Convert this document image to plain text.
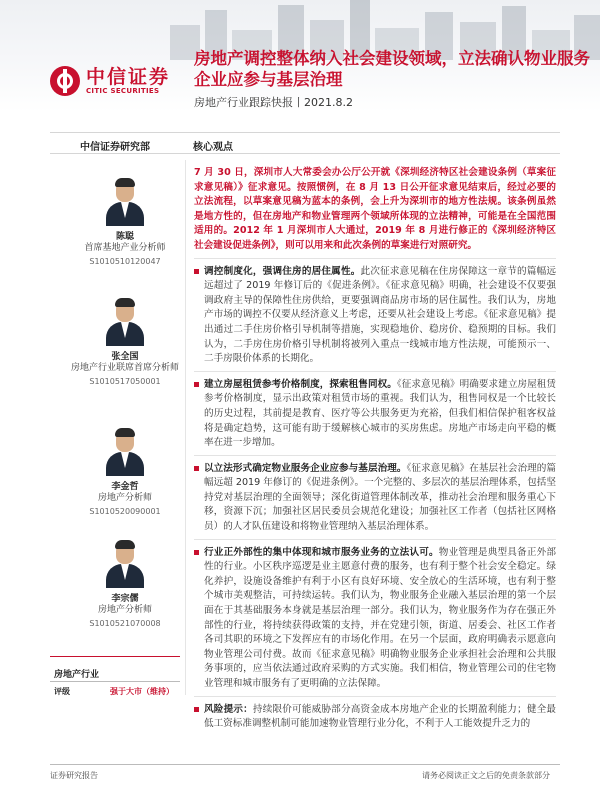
中信证券
CITIC SECURITIES
房地产调控整体纳入社会建设领域，立法确认物业服务企业应参与基层治理
房地产行业跟踪快报丨2021.8.2
中信证券研究部	核心观点
陈聪
首席基地产业分析师
S1010510120047
张全国
房地产行业联席首席分析师
S1010517050001
李金哲
房地产分析师
S1010520090001
李宗儒
房地产分析师
S1010521070008
房地产行业
评级	强于大市（维持）

7 月 30 日，深圳市人大常委会办公厅公开就《深圳经济特区社会建设条例（草案征求意见稿）》征求意见。按照惯例，在 8 月 13 日公开征求意见结束后，经过必要的立法流程，以草案意见稿为蓝本的条例，会上升为深圳市的地方性法规。该条例虽然是地方性的，但在房地产和物业管理两个领域所体现的立法精神，可能是在全国范围适用的。2012 年 1 月深圳市人大通过，2019 年 8 月进行修正的《深圳经济特区社会建设促进条例》，则可以用来和此次条例的草案进行对照研究。

调控制度化，强调住房的居住属性。此次征求意见稿在住房保障这一章节的篇幅远远超过了 2019 年修订后的《促进条例》。《征求意见稿》明确，社会建设不仅要强调政府主导的保障性住房供给，更要强调商品房市场的居住属性。我们认为，房地产市场的调控不仅要从经济意义上考虑，还要从社会建设上考虑。《征求意见稿》提出通过二手住房价格引导机制等措施，实现稳地价、稳房价、稳预期的目标。我们认为，二手房住房价格引导机制将被列入重点一线城市地方性法规，可能预示一、二手房限价体系的长期化。

建立房屋租赁参考价格制度，探索租售同权。《征求意见稿》明确要求建立房屋租赁参考价格制度，显示出政策对租赁市场的重视。我们认为，租售同权是一个比较长的历史过程，其前提是教育、医疗等公共服务更为充裕，但我们相信保护租客权益将是确定趋势，这可能有助于缓解核心城市的买房焦虑。房地产市场走向平稳的概率在进一步增加。

以立法形式确定物业服务企业应参与基层治理。《征求意见稿》在基层社会治理的篇幅远超 2019 年修订的《促进条例》。一个完整的、多层次的基层治理体系，包括坚持党对基层治理的全面领导；深化街道管理体制改革，推动社会治理和服务重心下移，资源下沉；加强社区居民委员会规范化建设；加强社区工作者（包括社区网格员）的人才队伍建设和将物业管理纳入基层治理体系。

行业正外部性的集中体现和城市服务业务的立法认可。物业管理是典型具备正外部性的行业。小区秩序巡逻是业主愿意付费的服务，也有利于整个社会安全稳定。绿化养护，设施设备维护有利于小区有良好环境、安全放心的生活环境，也有利于整个城市美观整洁，可持续运转。我们认为，物业服务企业融入基层治理的第一个层面在于其基础服务本身就是基层治理一部分。我们认为，物业服务作为存在强正外部性的行业，将持续获得政策的支持，并在党建引领，街道、居委会、社区工作者各司其职的环境之下发挥应有的市场化作用。在另一个层面，政府明确表示愿意向物业管理公司付费。故而《征求意见稿》明确物业服务企业承担社会治理和公共服务事项的，应当依法通过政府采购的方式实施。我们相信，物业管理公司的住宅物业管理和城市服务有了更明确的立法保障。

风险提示：持续限价可能威胁部分高资金成本房地产企业的长期盈利能力；健全最低工资标准调整机制可能加速物业管理行业分化，不利于人工能效提升乏力的

证券研究报告	请务必阅读正文之后的免责条款部分
